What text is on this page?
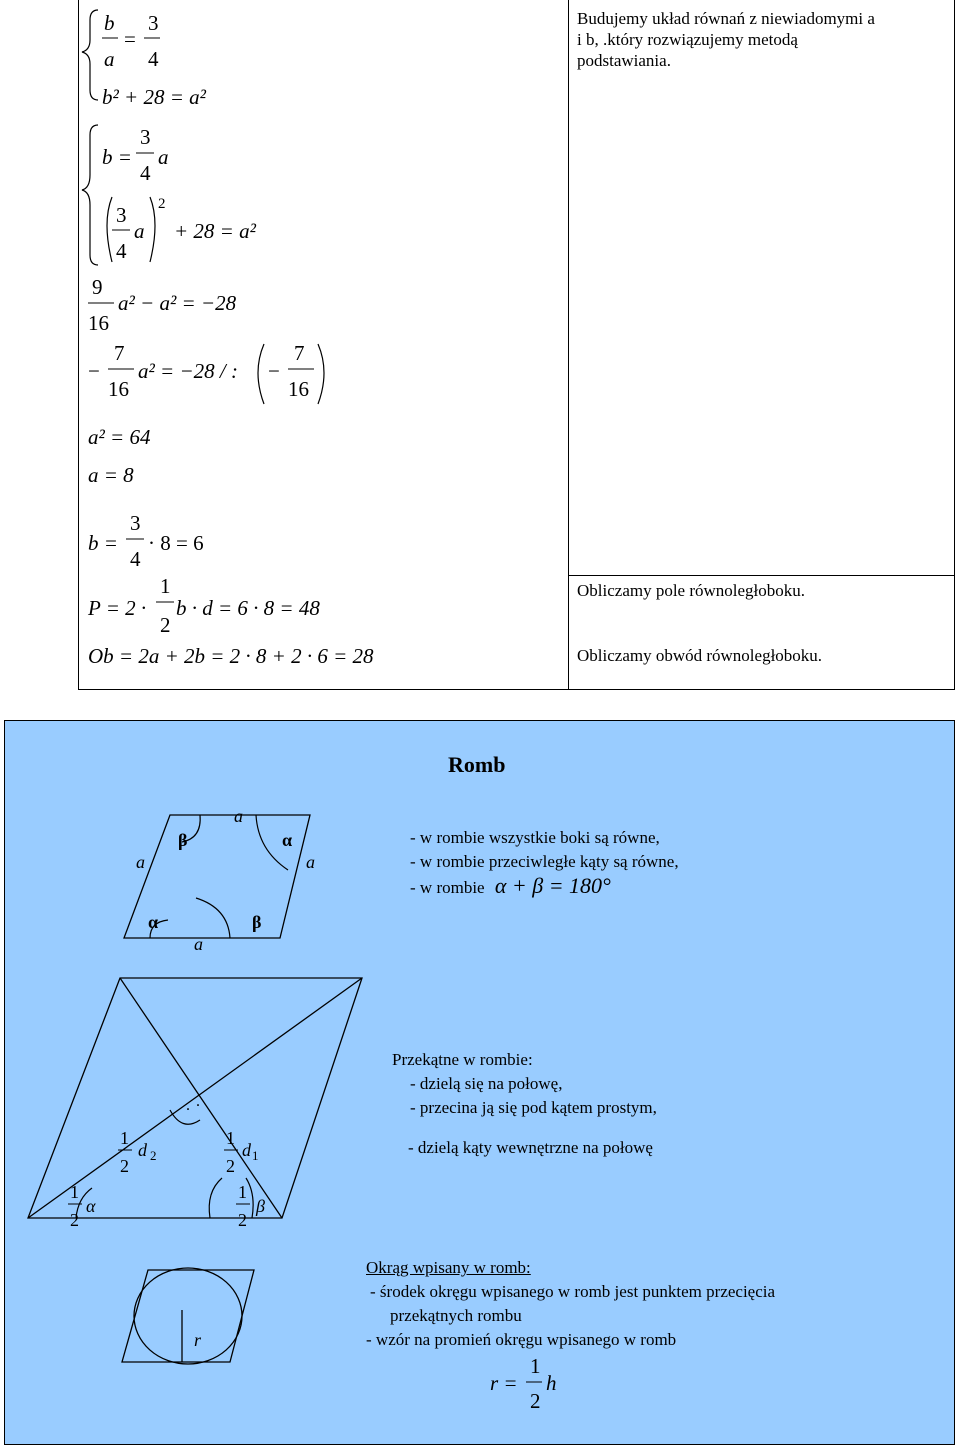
Budujemy układ równań z niewiadomymi a
i b, .który rozwiązujemy metodą
podstawiania.
Obliczamy pole równoległoboku.
Obliczamy obwód równoległoboku.
b
a
=
3
4
b² + 28 = a²
b =
3
4
a
3
4
a
2
+ 28 = a²
9
16
a² − a² = −28
−
7
16
a² = −28 / : −
7
16
a² = 64
a = 8
b =
3
4
· 8 = 6
P = 2 ·
1
2
b · d = 6 · 8 = 48
Ob = 2a + 2b = 2 · 8 + 2 · 6 = 28
Romb
a
a	a
a
β	α
α	β
- w rombie wszystkie boki są równe,
- w rombie przeciwległe kąty są równe,
- w rombie α + β = 180°
. .
1
2
d 2
1
2
d 1
1
2
α
1
2
β
Przekątne w rombie:
- dzielą się na połowę,
- przecina ją się pod kątem prostym,
- dzielą kąty wewnętrzne na połowę
r
Okrąg wpisany w romb:
- środek okręgu wpisanego w romb jest punktem przecięcia
przekątnych rombu
- wzór na promień okręgu wpisanego w romb
r =
1
2
h
